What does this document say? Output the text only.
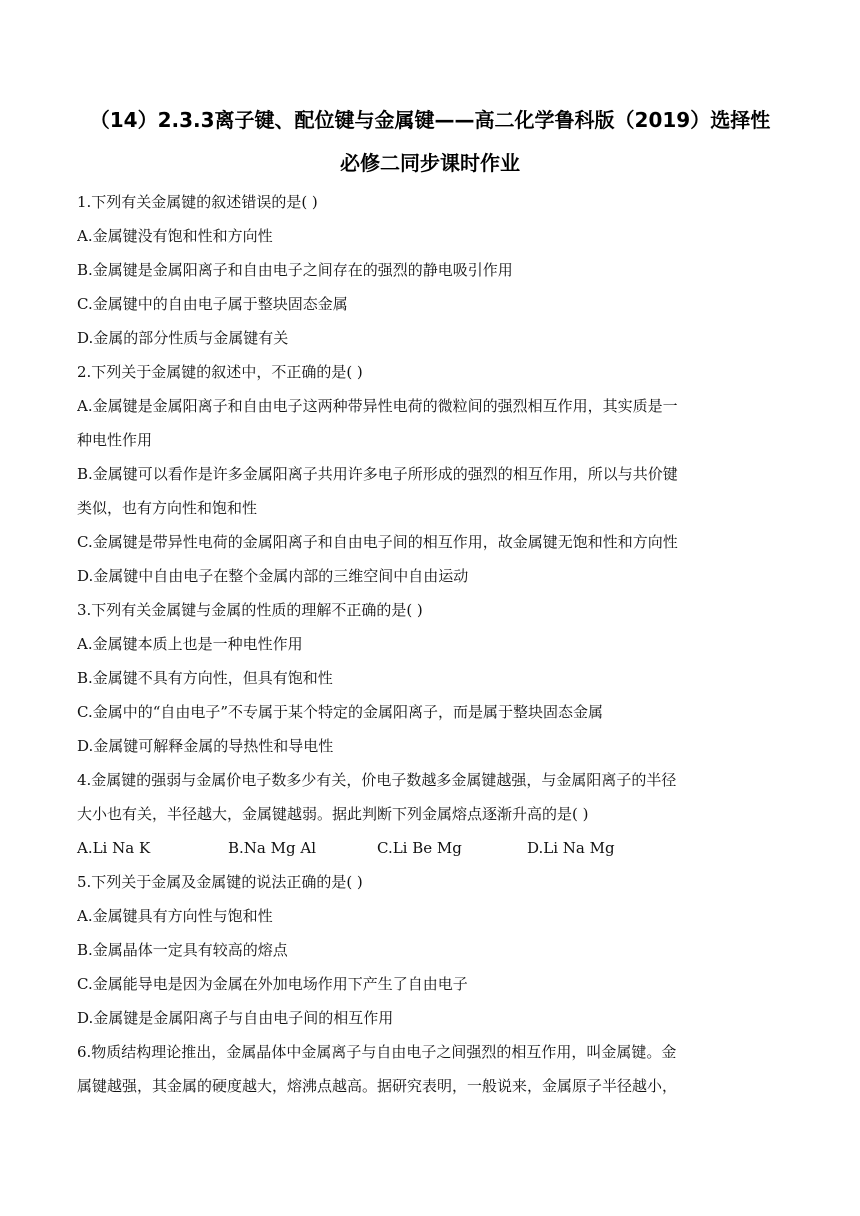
（14）2.3.3离子键、配位键与金属键——高二化学鲁科版（2019）选择性
必修二同步课时作业
1.下列有关金属键的叙述错误的是( )
A.金属键没有饱和性和方向性
B.金属键是金属阳离子和自由电子之间存在的强烈的静电吸引作用
C.金属键中的自由电子属于整块固态金属
D.金属的部分性质与金属键有关
2.下列关于金属键的叙述中，不正确的是( )
A.金属键是金属阳离子和自由电子这两种带异性电荷的微粒间的强烈相互作用，其实质是一
种电性作用
B.金属键可以看作是许多金属阳离子共用许多电子所形成的强烈的相互作用，所以与共价键
类似，也有方向性和饱和性
C.金属键是带异性电荷的金属阳离子和自由电子间的相互作用，故金属键无饱和性和方向性
D.金属键中自由电子在整个金属内部的三维空间中自由运动
3.下列有关金属键与金属的性质的理解不正确的是( )
A.金属键本质上也是一种电性作用
B.金属键不具有方向性，但具有饱和性
C.金属中的“自由电子”不专属于某个特定的金属阳离子，而是属于整块固态金属
D.金属键可解释金属的导热性和导电性
4.金属键的强弱与金属价电子数多少有关，价电子数越多金属键越强，与金属阳离子的半径
大小也有关，半径越大，金属键越弱。据此判断下列金属熔点逐渐升高的是( )
A.Li Na K	B.Na Mg Al	C.Li Be Mg	D.Li Na Mg
5.下列关于金属及金属键的说法正确的是( )
A.金属键具有方向性与饱和性
B.金属晶体一定具有较高的熔点
C.金属能导电是因为金属在外加电场作用下产生了自由电子
D.金属键是金属阳离子与自由电子间的相互作用
6.物质结构理论推出，金属晶体中金属离子与自由电子之间强烈的相互作用，叫金属键。金
属键越强，其金属的硬度越大，熔沸点越高。据研究表明，一般说来，金属原子半径越小，
